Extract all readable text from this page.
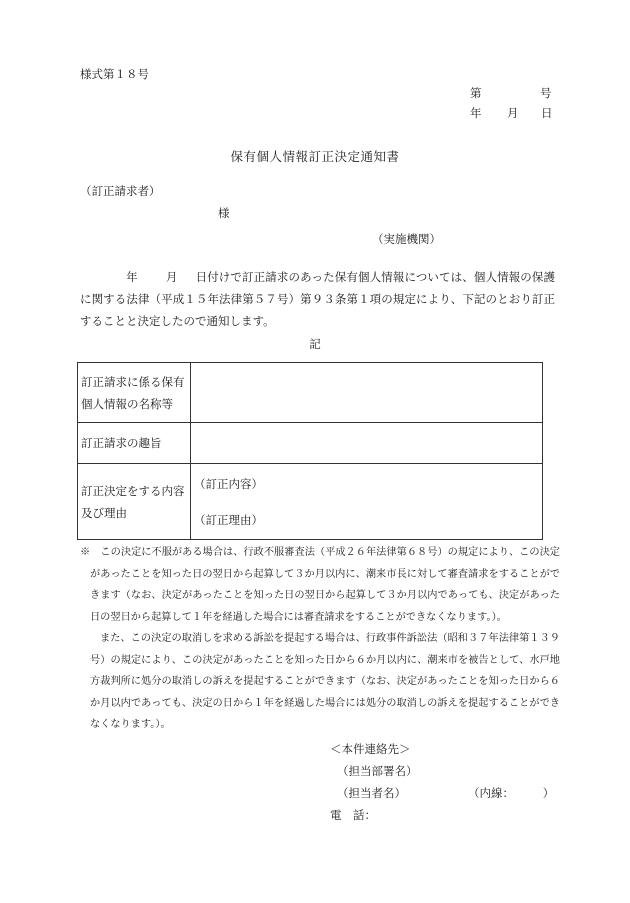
様式第１８号
第	号
年 月 日
保有個人情報訂正決定通知書
（訂正請求者）
様
（実施機関）
年 月 日付けで訂正請求のあった保有個人情報については、個人情報の保護に関する法律（平成１５年法律第５７号）第９３条第１項の規定により、下記のとおり訂正することと決定したので通知します。
記
訂正請求に係る保有個人情報の名称等	
訂正請求の趣旨	
訂正決定をする内容及び理由	（訂正内容）
（訂正理由）

※　この決定に不服がある場合は、行政不服審査法（平成２６年法律第６８号）の規定により、この決定があったことを知った日の翌日から起算して３か月以内に、潮来市長に対して審査請求をすることができます（なお、決定があったことを知った日の翌日から起算して３か月以内であっても、決定があった日の翌日から起算して１年を経過した場合には審査請求をすることができなくなります。）。

また、この決定の取消しを求める訴訟を提起する場合は、行政事件訴訟法（昭和３７年法律第１３９号）の規定により、この決定があったことを知った日から６か月以内に、潮来市を被告として、水戸地方裁判所に処分の取消しの訴えを提起することができます（なお、決定があったことを知った日から６か月以内であっても、決定の日から１年を経過した場合には処分の取消しの訴えを提起することができなくなります。）。

＜本件連絡先＞
（担当部署名）
（担当者名）	（内線：　　　）
電　話：
